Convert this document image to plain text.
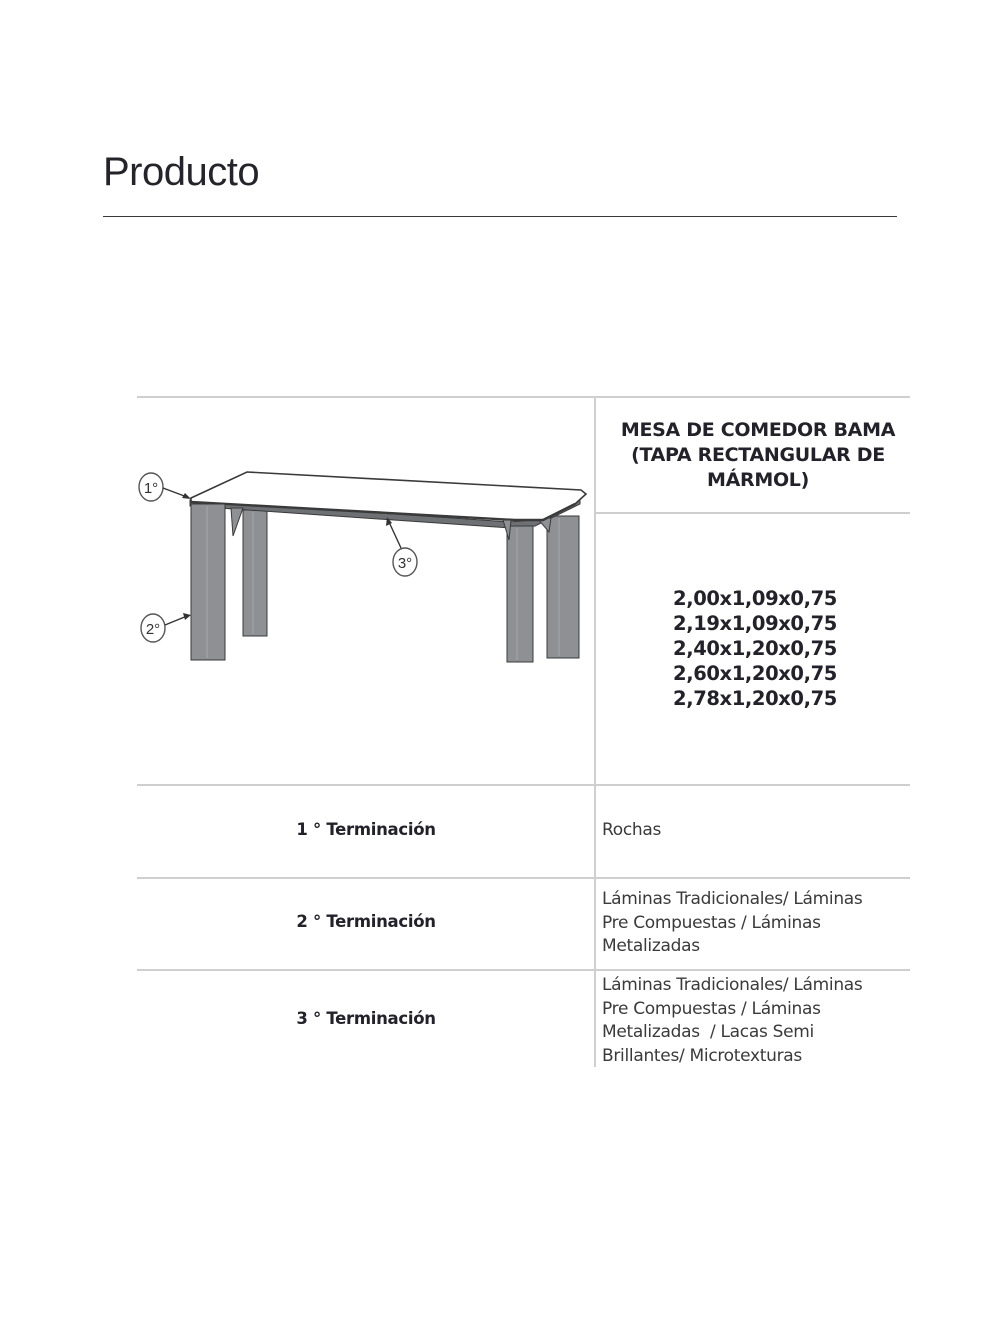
Producto
1°
2°
3°
MESA DE COMEDOR BAMA
(TAPA RECTANGULAR DE
MÁRMOL)
2,00x1,09x0,75
2,19x1,09x0,75
2,40x1,20x0,75
2,60x1,20x0,75
2,78x1,20x0,75
1 ° Terminación	Rochas
2 ° Terminación
Láminas Tradicionales/ Láminas
Pre Compuestas / Láminas
Metalizadas
3 ° Terminación
Láminas Tradicionales/ Láminas
Pre Compuestas / Láminas
Metalizadas  / Lacas Semi
Brillantes/ Microtexturas
